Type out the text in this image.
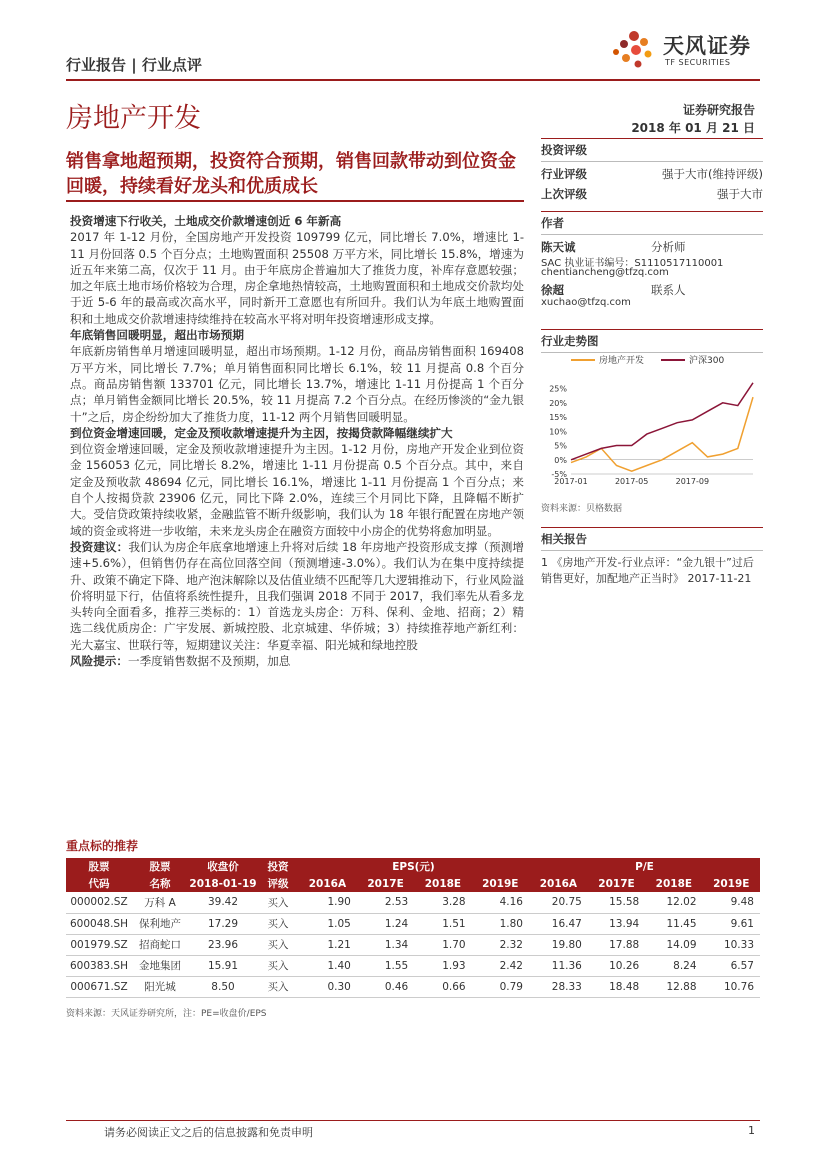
行业报告 | 行业点评
天风证券
TF SECURITIES
房地产开发	证券研究报告
2018 年 01 月 21 日
销售拿地超预期，投资符合预期，销售回款带动到位资金回暖，持续看好龙头和优质成长

投资增速下行收关，土地成交价款增速创近 6 年新高

2017 年 1-12 月份，全国房地产开发投资 109799 亿元，同比增长 7.0%，增速比 1-11 月份回落 0.5 个百分点；土地购置面积 25508 万平方米，同比增长 15.8%，增速为近五年来第二高，仅次于 11 月。由于年底房企普遍加大了推货力度，补库存意愿较强；加之年底土地市场价格较为合理，房企拿地热情较高，土地购置面积和土地成交价款均处于近 5-6 年的最高或次高水平，同时新开工意愿也有所回升。我们认为年底土地购置面积和土地成交价款增速持续维持在较高水平将对明年投资增速形成支撑。

年底销售回暖明显，超出市场预期

年底新房销售单月增速回暖明显，超出市场预期。1-12 月份，商品房销售面积 169408 万平方米，同比增长 7.7%；单月销售面积同比增长 6.1%，较 11 月提高 0.8 个百分点。商品房销售额 133701 亿元，同比增长 13.7%，增速比 1-11 月份提高 1 个百分点；单月销售金额同比增长 20.5%，较 11 月提高 7.2 个百分点。在经历惨淡的“金九银十”之后，房企纷纷加大了推货力度，11-12 两个月销售回暖明显。

到位资金增速回暖，定金及预收款增速提升为主因，按揭贷款降幅继续扩大

到位资金增速回暖，定金及预收款增速提升为主因。1-12 月份，房地产开发企业到位资金 156053 亿元，同比增长 8.2%，增速比 1-11 月份提高 0.5 个百分点。其中，来自定金及预收款 48694 亿元，同比增长 16.1%，增速比 1-11 月份提高 1 个百分点；来自个人按揭贷款 23906 亿元，同比下降 2.0%，连续三个月同比下降，且降幅不断扩大。受信贷政策持续收紧，金融监管不断升级影响，我们认为 18 年银行配置在房地产领域的资金或将进一步收缩，未来龙头房企在融资方面较中小房企的优势将愈加明显。

投资建议：我们认为房企年底拿地增速上升将对后续 18 年房地产投资形成支撑（预测增速+5.6%），但销售仍存在高位回落空间（预测增速-3.0%）。我们认为在集中度持续提升、政策不确定下降、地产泡沫解除以及估值业绩不匹配等几大逻辑推动下，行业风险溢价将明显下行，估值将系统性提升，且我们强调 2018 不同于 2017，我们率先从看多龙头转向全面看多，推荐三类标的：1）首选龙头房企：万科、保利、金地、招商；2）精选二线优质房企：广宇发展、新城控股、北京城建、华侨城；3）持续推荐地产新红利：光大嘉宝、世联行等，短期建议关注：华夏幸福、阳光城和绿地控股

风险提示：一季度销售数据不及预期，加息

投资评级
行业评级	强于大市(维持评级)
上次评级	强于大市
作者
陈天诚	分析师
SAC 执业证书编号：S1110517110001
chentiancheng@tfzq.com
徐超	联系人
xuchao@tfzq.com
行业走势图
房地产开发	沪深300
25%
20%
15%
10%
5%
0%
-5%
2017-01	2017-05	2017-09
资料来源：贝格数据
相关报告
1 《房地产开发-行业点评：“金九银十”过后销售更好，加配地产正当时》 2017-11-21
重点标的推荐
股票	股票	收盘价	投资	EPS(元)				P/E			
代码	名称	2018-01-19	评级	2016A	2017E	2018E	2019E	2016A	2017E	2018E	2019E
000002.SZ	万科 A	39.42	买入	1.90	2.53	3.28	4.16	20.75	15.58	12.02	9.48
600048.SH	保利地产	17.29	买入	1.05	1.24	1.51	1.80	16.47	13.94	11.45	9.61
001979.SZ	招商蛇口	23.96	买入	1.21	1.34	1.70	2.32	19.80	17.88	14.09	10.33
600383.SH	金地集团	15.91	买入	1.40	1.55	1.93	2.42	11.36	10.26	8.24	6.57
000671.SZ	阳光城	8.50	买入	0.30	0.46	0.66	0.79	28.33	18.48	12.88	10.76
资料来源：天风证券研究所，注：PE=收盘价/EPS
请务必阅读正文之后的信息披露和免责申明	1
